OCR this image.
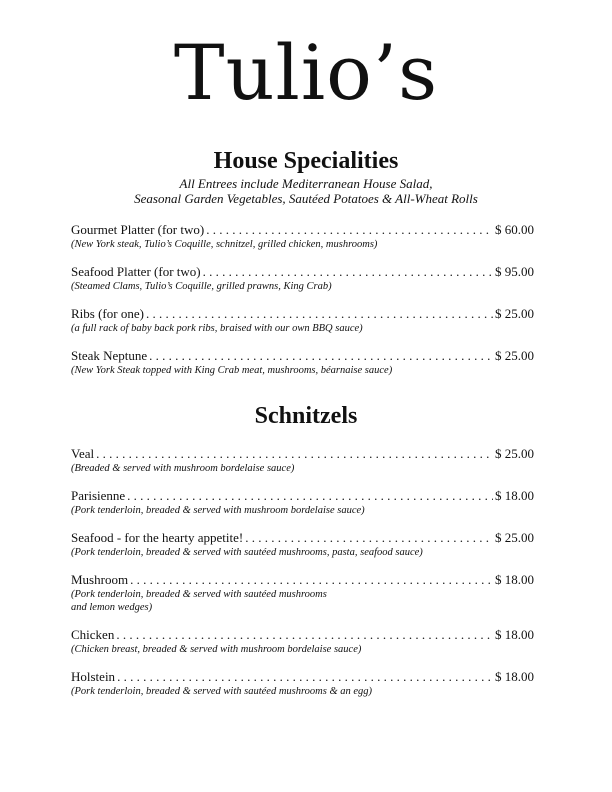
Tulio’s
House Specialities
All Entrees include Mediterranean House Salad,
Seasonal Garden Vegetables, Sautéed Potatoes & All-Wheat Rolls
Gourmet Platter (for two) . . .	$ 60.00
(New York steak, Tulio’s Coquille, schnitzel, grilled chicken, mushrooms)
Seafood Platter (for two) . . .	$ 95.00
(Steamed Clams, Tulio’s Coquille, grilled prawns, King Crab)
Ribs (for one) . . .	$ 25.00
(a full rack of baby back pork ribs, braised with our own BBQ sauce)
Steak Neptune . . .	$ 25.00
(New York Steak topped with King Crab meat, mushrooms, béarnaise sauce)
Schnitzels
Veal . . .	$ 25.00
(Breaded & served with mushroom bordelaise sauce)
Parisienne . . .	$ 18.00
(Pork tenderloin, breaded & served with mushroom bordelaise sauce)
Seafood - for the hearty appetite! . . .	$ 25.00
(Pork tenderloin, breaded & served with sautéed mushrooms, pasta, seafood sauce)
Mushroom . . .	$ 18.00
(Pork tenderloin, breaded & served with sautéed mushrooms
and lemon wedges)
Chicken . . .	$ 18.00
(Chicken breast, breaded & served with mushroom bordelaise sauce)
Holstein . . .	$ 18.00
(Pork tenderloin, breaded & served with sautéed mushrooms & an egg)
